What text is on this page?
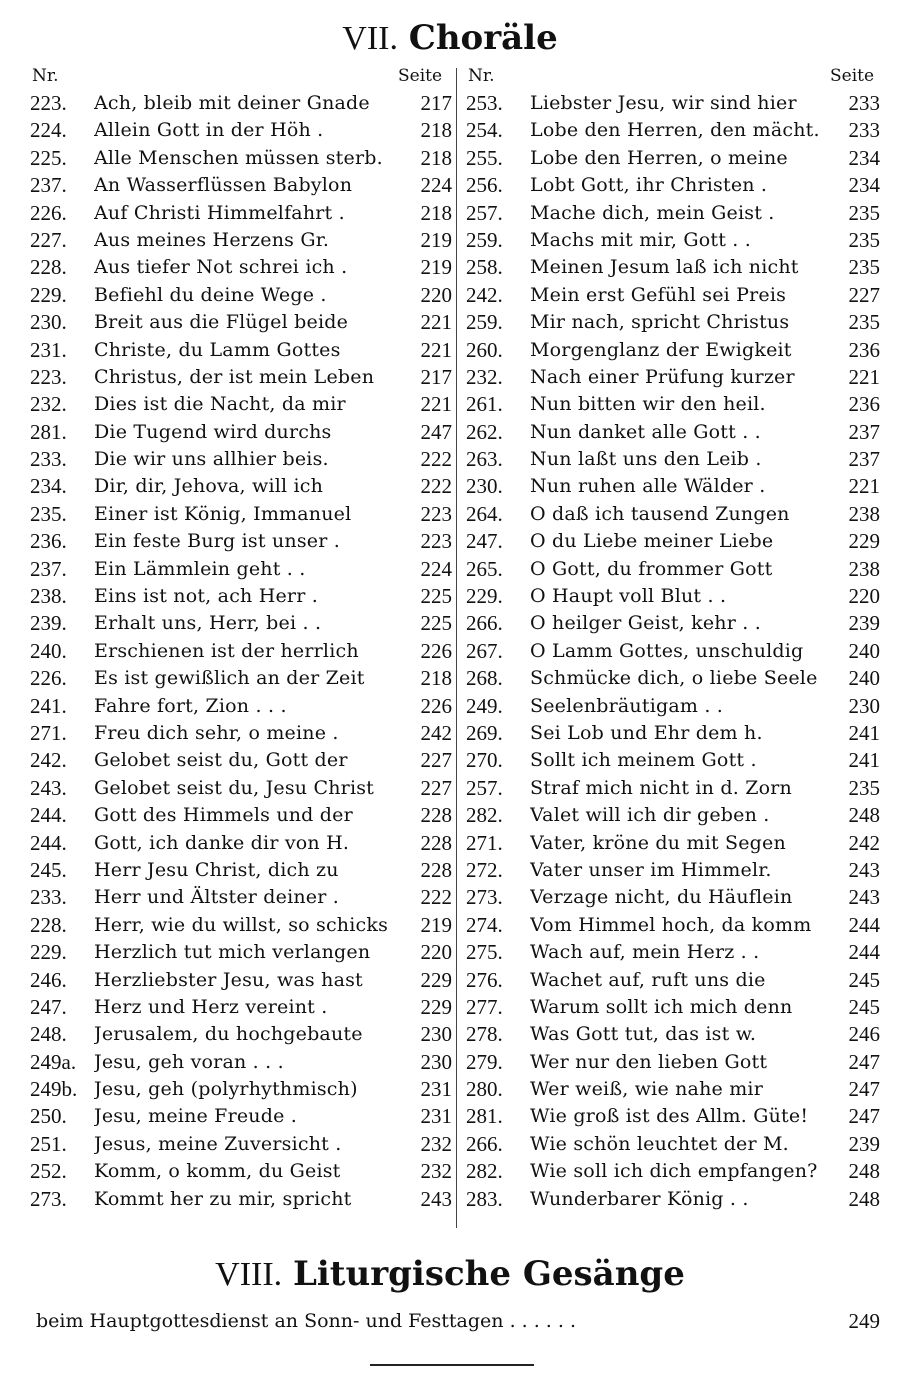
VII. Choräle
Nr.	Seite Nr.	Seite
223.	Ach, bleib mit deiner Gnade	217
224.	Allein Gott in der Höh .	218
225.	Alle Menschen müssen sterb.	218
237.	An Wasserflüssen Babylon	224
226.	Auf Christi Himmelfahrt .	218
227.	Aus meines Herzens Gr.	219
228.	Aus tiefer Not schrei ich .	219
229.	Befiehl du deine Wege .	220
230.	Breit aus die Flügel beide	221
231.	Christe, du Lamm Gottes	221
223.	Christus, der ist mein Leben	217
232.	Dies ist die Nacht, da mir	221
281.	Die Tugend wird durchs	247
233.	Die wir uns allhier beis.	222
234.	Dir, dir, Jehova, will ich	222
235.	Einer ist König, Immanuel	223
236.	Ein feste Burg ist unser .	223
237.	Ein Lämmlein geht . .	224
238.	Eins ist not, ach Herr .	225
239.	Erhalt uns, Herr, bei . .	225
240.	Erschienen ist der herrlich	226
226.	Es ist gewißlich an der Zeit	218
241.	Fahre fort, Zion . . .	226
271.	Freu dich sehr, o meine .	242
242.	Gelobet seist du, Gott der	227
243.	Gelobet seist du, Jesu Christ	227
244.	Gott des Himmels und der	228
244.	Gott, ich danke dir von H.	228
245.	Herr Jesu Christ, dich zu	228
233.	Herr und Ältster deiner .	222
228.	Herr, wie du willst, so schicks	219
229.	Herzlich tut mich verlangen	220
246.	Herzliebster Jesu, was hast	229
247.	Herz und Herz vereint .	229
248.	Jerusalem, du hochgebaute	230
249a. Jesu, geh voran . . .	230
249b. Jesu, geh (polyrhythmisch)	231
250.	Jesu, meine Freude .	231
251.	Jesus, meine Zuversicht .	232
252.	Komm, o komm, du Geist	232
273.	Kommt her zu mir, spricht	243
253.	Liebster Jesu, wir sind hier	233
254.	Lobe den Herren, den mächt.	233
255.	Lobe den Herren, o meine	234
256.	Lobt Gott, ihr Christen .	234
257.	Mache dich, mein Geist .	235
259.	Machs mit mir, Gott . .	235
258.	Meinen Jesum laß ich nicht	235
242.	Mein erst Gefühl sei Preis	227
259.	Mir nach, spricht Christus	235
260.	Morgenglanz der Ewigkeit	236
232.	Nach einer Prüfung kurzer	221
261.	Nun bitten wir den heil.	236
262.	Nun danket alle Gott . .	237
263.	Nun laßt uns den Leib .	237
230.	Nun ruhen alle Wälder .	221
264.	O daß ich tausend Zungen	238
247.	O du Liebe meiner Liebe	229
265.	O Gott, du frommer Gott	238
229.	O Haupt voll Blut . .	220
266.	O heilger Geist, kehr . .	239
267.	O Lamm Gottes, unschuldig	240
268.	Schmücke dich, o liebe Seele	240
249.	Seelenbräutigam . .	230
269.	Sei Lob und Ehr dem h.	241
270.	Sollt ich meinem Gott .	241
257.	Straf mich nicht in d. Zorn	235
282.	Valet will ich dir geben .	248
271.	Vater, kröne du mit Segen	242
272.	Vater unser im Himmelr.	243
273.	Verzage nicht, du Häuflein	243
274.	Vom Himmel hoch, da komm	244
275.	Wach auf, mein Herz . .	244
276.	Wachet auf, ruft uns die	245
277.	Warum sollt ich mich denn	245
278.	Was Gott tut, das ist w.	246
279.	Wer nur den lieben Gott	247
280.	Wer weiß, wie nahe mir	247
281.	Wie groß ist des Allm. Güte!	247
266.	Wie schön leuchtet der M.	239
282.	Wie soll ich dich empfangen?	248
283.	Wunderbarer König . .	248
VIII. Liturgische Gesänge
beim Hauptgottesdienst an Sonn- und Festtagen . . . . . .	249
